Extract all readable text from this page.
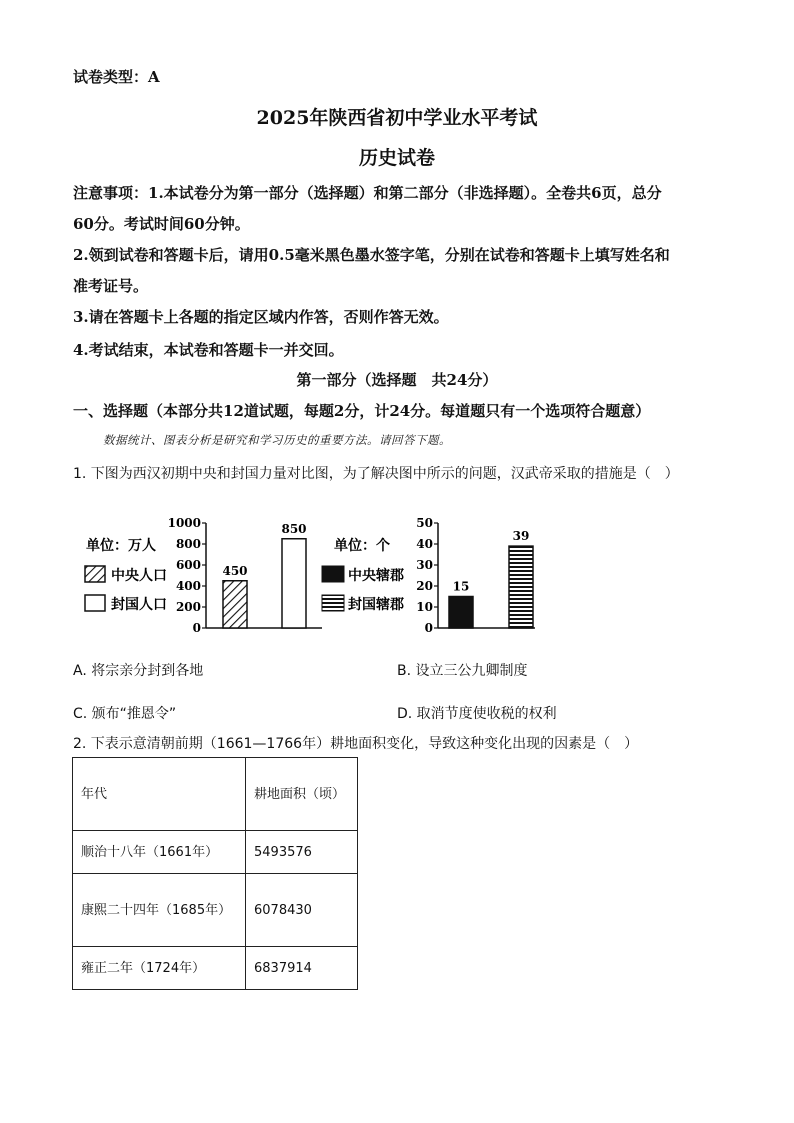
试卷类型：A
2025年陕西省初中学业水平考试
历史试卷
注意事项：1.本试卷分为第一部分（选择题）和第二部分（非选择题）。全卷共6页，总分
60分。考试时间60分钟。
2.领到试卷和答题卡后，请用0.5毫米黑色墨水签字笔，分别在试卷和答题卡上填写姓名和
准考证号。
3.请在答题卡上各题的指定区域内作答，否则作答无效。
4.考试结束，本试卷和答题卡一并交回。
第一部分（选择题　共24分）
一、选择题（本部分共12道试题，每题2分，计24分。每道题只有一个选项符合题意）
数据统计、图表分析是研究和学习历史的重要方法。请回答下题。
1. 下图为西汉初期中央和封国力量对比图，为了解决图中所示的问题，汉武帝采取的措施是（　）
单位：万人
中央人口
封国人口
0
200
400
600
800
1000
450
850
单位：个
中央辖郡
封国辖郡
0
10
20
30
40
50
15
39
A. 将宗亲分封到各地	B. 设立三公九卿制度
C. 颁布“推恩令”	D. 取消节度使收税的权利
2. 下表示意清朝前期（1661—1766年）耕地面积变化，导致这种变化出现的因素是（　）
年代	耕地面积（顷）
顺治十八年（1661年）	5493576
康熙二十四年（1685年）	6078430
雍正二年（1724年）	6837914
